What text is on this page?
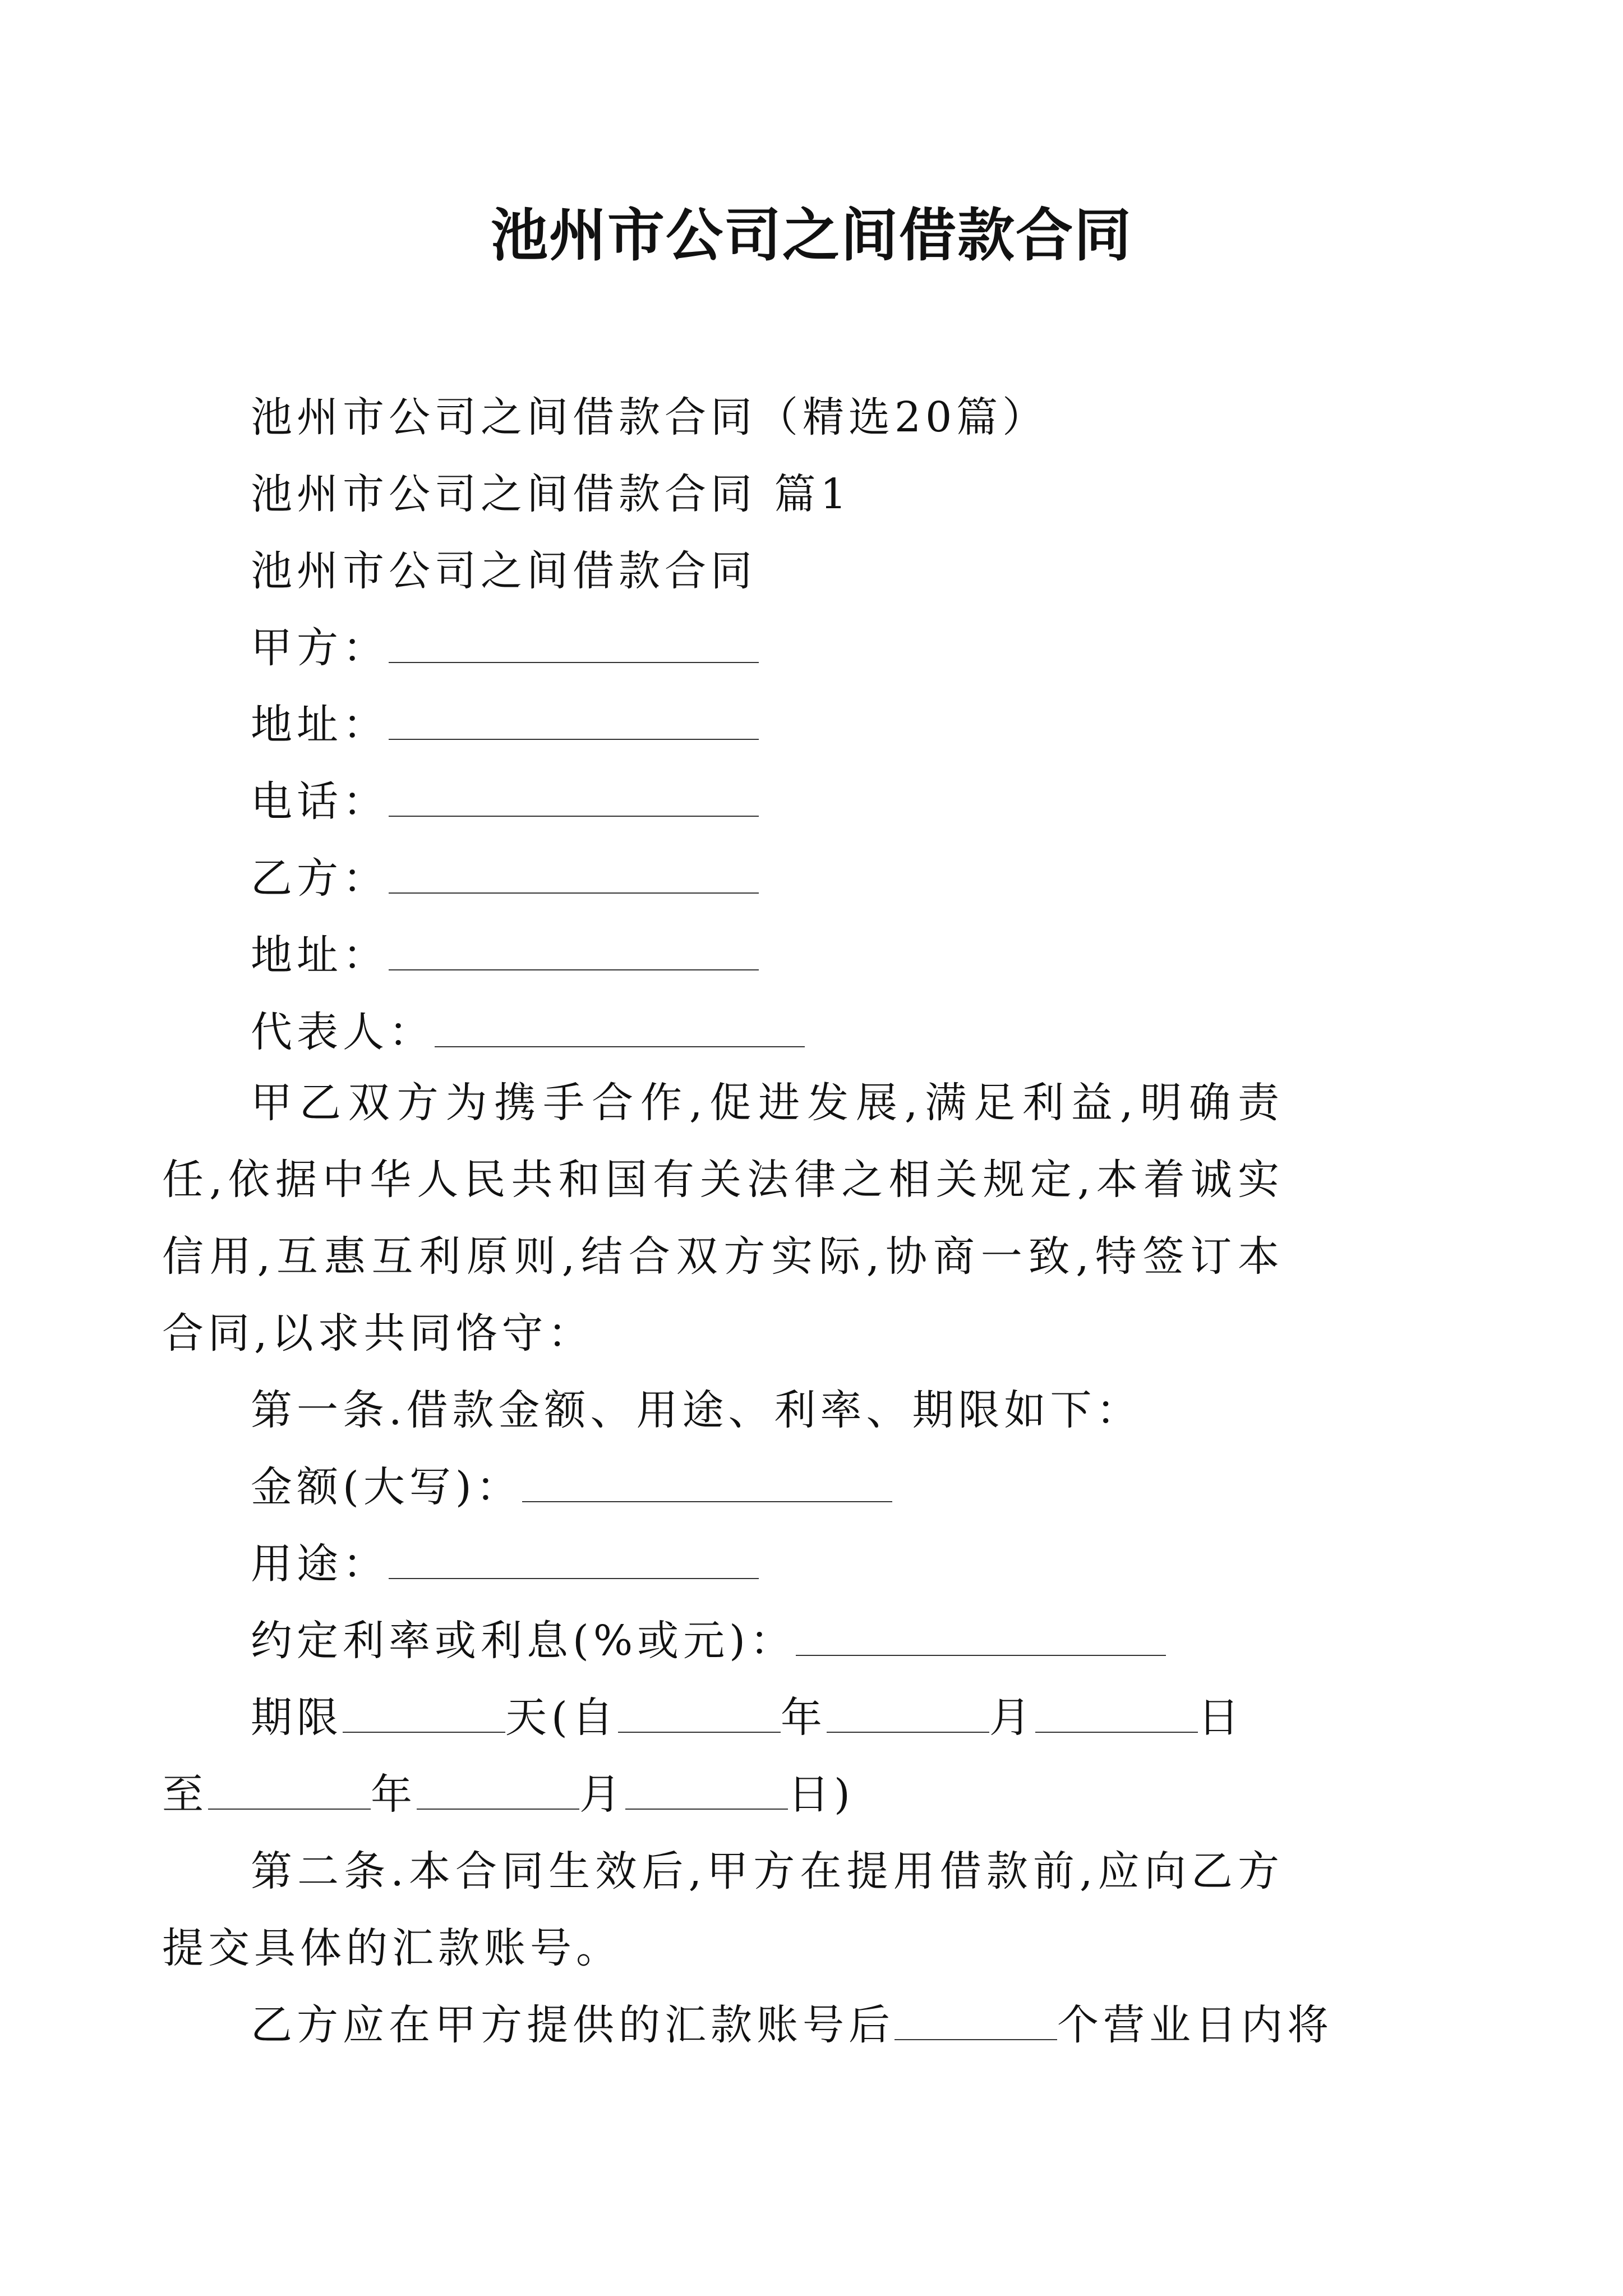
池州市公司之间借款合同

池州市公司之间借款合同（精选20篇）

池州市公司之间借款合同 篇1

池州市公司之间借款合同

甲方：

地址：

电话：

乙方：

地址：

代表人：

甲乙双方为携手合作,促进发展,满足利益,明确责任,依据中华人民共和国有关法律之相关规定,本着诚实信用,互惠互利原则,结合双方实际,协商一致,特签订本合同,以求共同恪守：

第一条.借款金额、用途、利率、期限如下：

金额(大写)：

用途：

约定利率或利息(%或元)：

期限	天(自	年	月	日

至	年	月	日)

第二条.本合同生效后,甲方在提用借款前,应向乙方提交具体的汇款账号。

乙方应在甲方提供的汇款账号后	个营业日内将
